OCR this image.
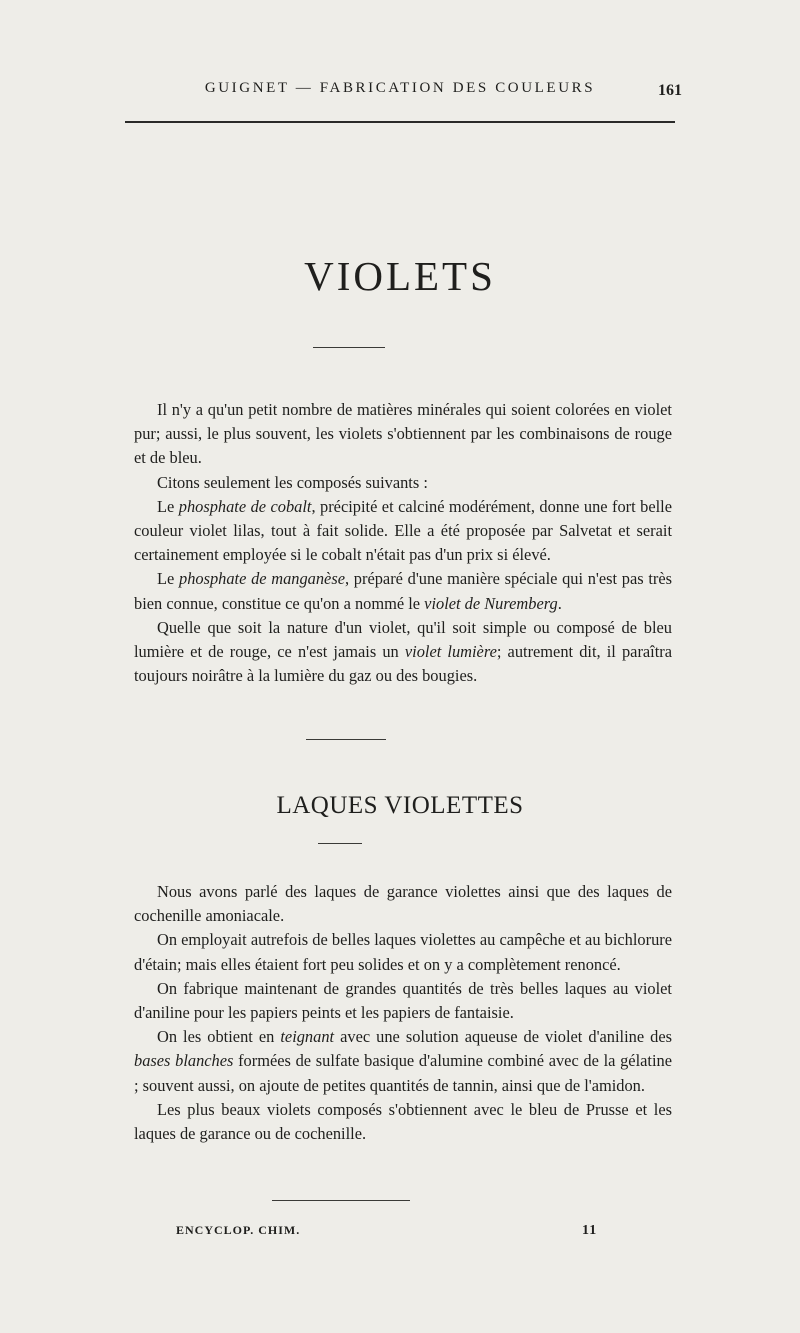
GUIGNET — FABRICATION DES COULEURS	161
VIOLETS

Il n'y a qu'un petit nombre de matières minérales qui soient colorées en violet pur; aussi, le plus souvent, les violets s'obtiennent par les combinaisons de rouge et de bleu.

Citons seulement les composés suivants :

Le phosphate de cobalt, précipité et calciné modérément, donne une fort belle couleur violet lilas, tout à fait solide. Elle a été proposée par Salvetat et serait certainement employée si le cobalt n'était pas d'un prix si élevé.

Le phosphate de manganèse, préparé d'une manière spéciale qui n'est pas très bien connue, constitue ce qu'on a nommé le violet de Nuremberg.

Quelle que soit la nature d'un violet, qu'il soit simple ou composé de bleu lumière et de rouge, ce n'est jamais un violet lumière; autrement dit, il paraîtra toujours noirâtre à la lumière du gaz ou des bougies.

LAQUES VIOLETTES

Nous avons parlé des laques de garance violettes ainsi que des laques de cochenille amoniacale.

On employait autrefois de belles laques violettes au campêche et au bichlorure d'étain; mais elles étaient fort peu solides et on y a complètement renoncé.

On fabrique maintenant de grandes quantités de très belles laques au violet d'aniline pour les papiers peints et les papiers de fantaisie.

On les obtient en teignant avec une solution aqueuse de violet d'aniline des bases blanches formées de sulfate basique d'alumine combiné avec de la gélatine ; souvent aussi, on ajoute de petites quantités de tannin, ainsi que de l'amidon.

Les plus beaux violets composés s'obtiennent avec le bleu de Prusse et les laques de garance ou de cochenille.

ENCYCLOP. CHIM.	11
